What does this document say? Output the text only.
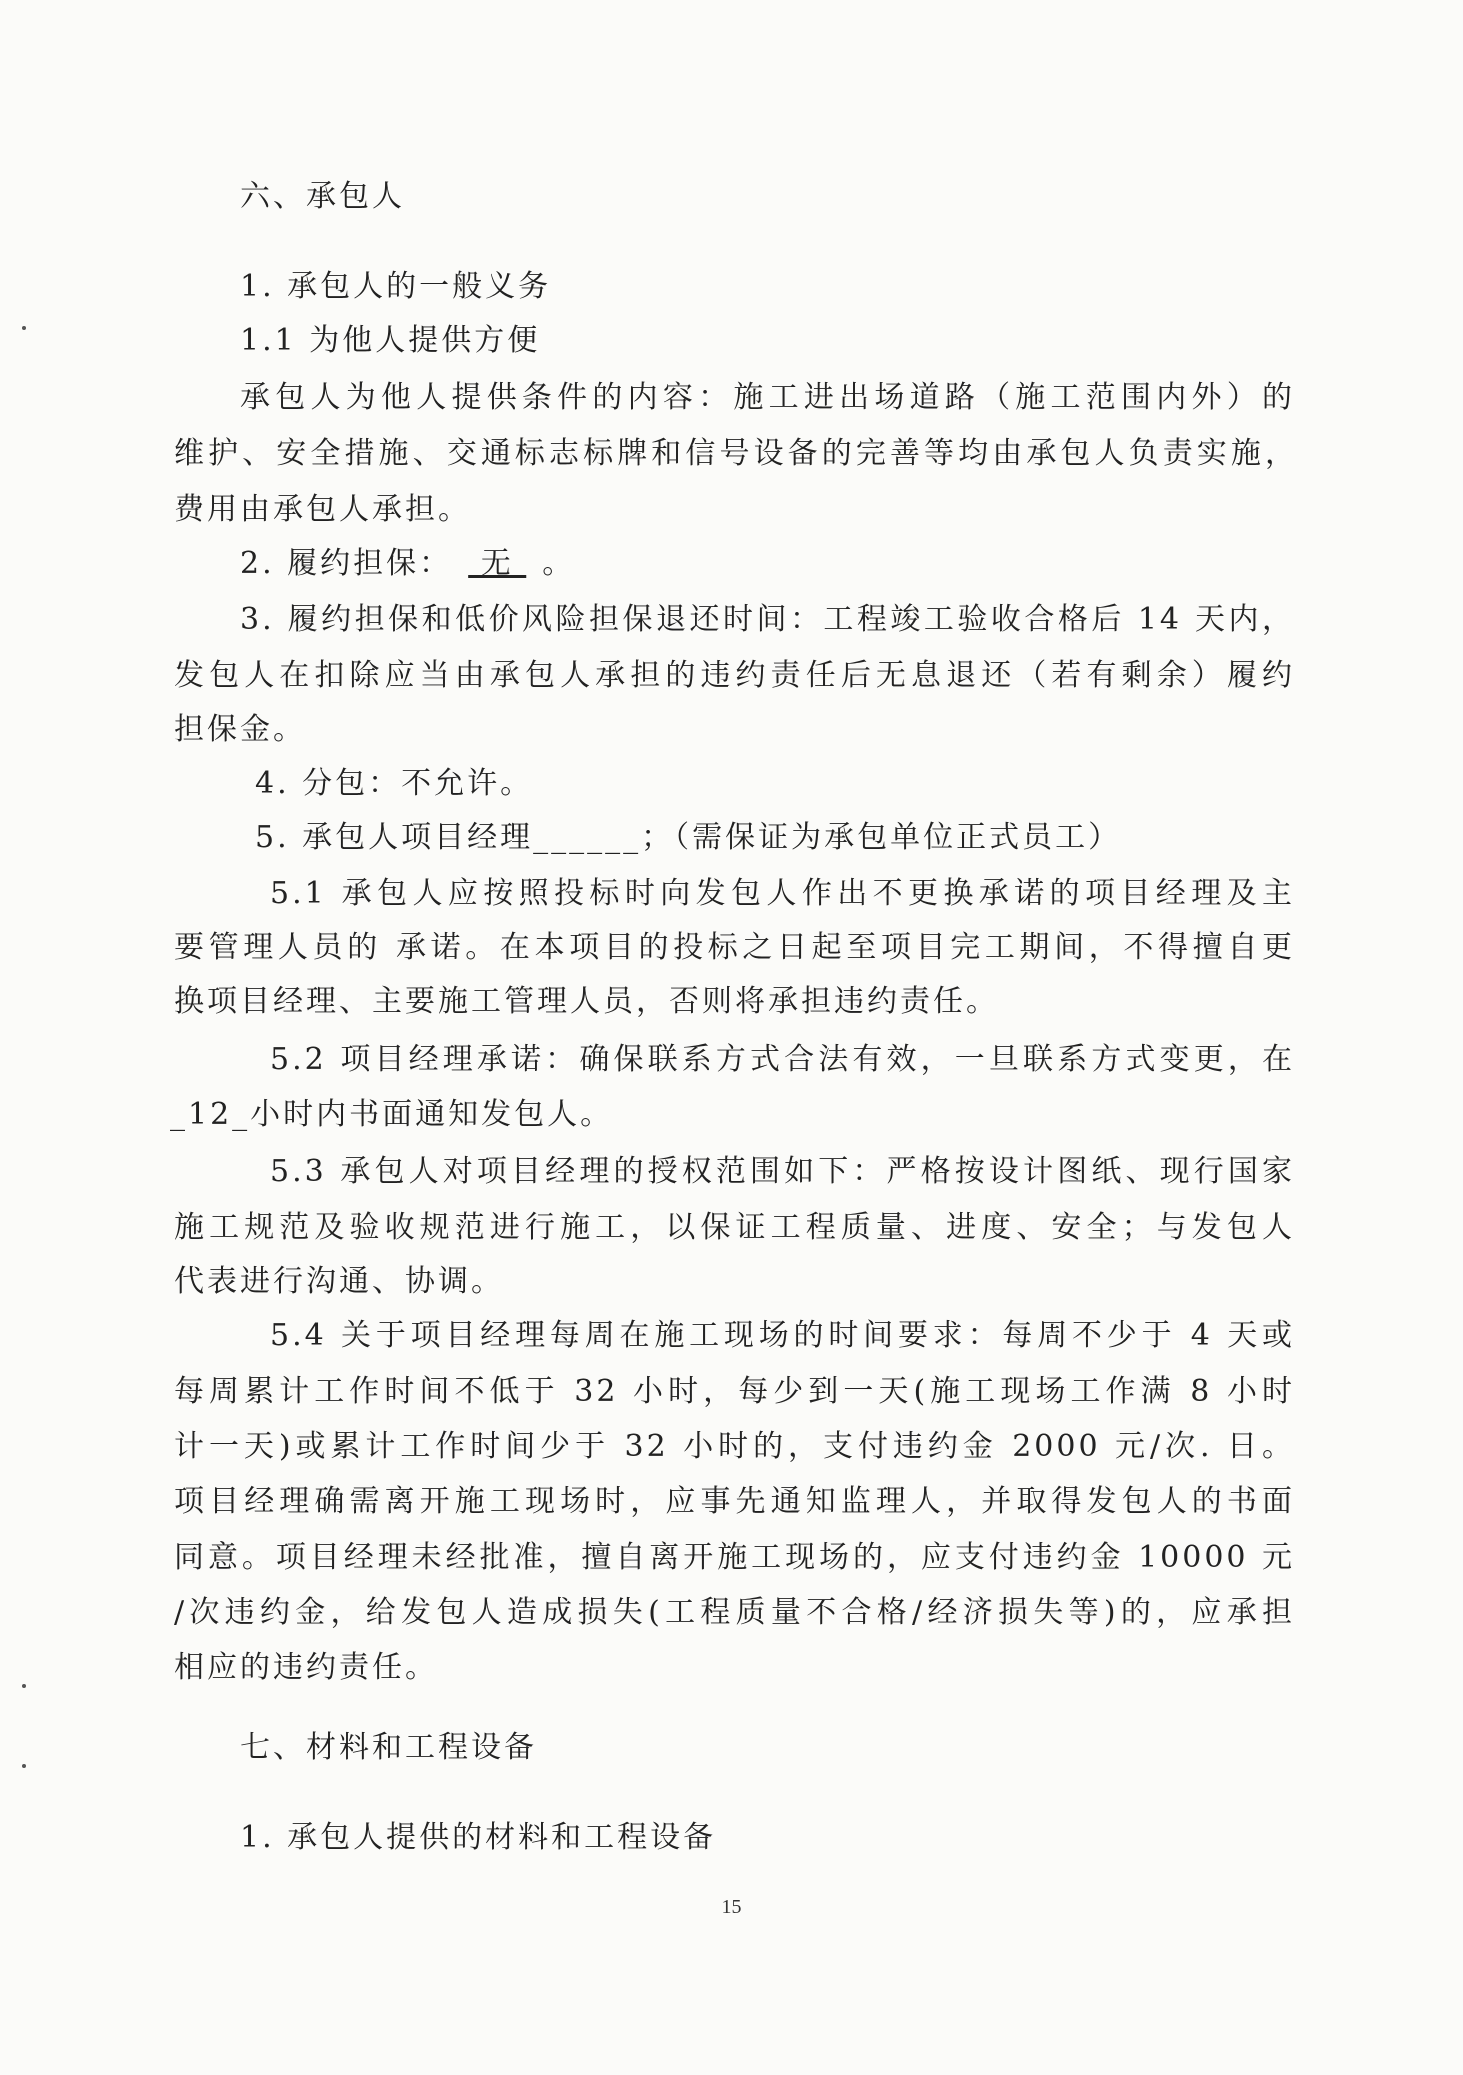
六、承包人
1. 承包人的一般义务
1.1 为他人提供方便
承包人为他人提供条件的内容：施工进出场道路（施工范围内外）的
维护、安全措施、交通标志标牌和信号设备的完善等均由承包人负责实施，
费用由承包人承担。
2. 履约担保： 无 。
3. 履约担保和低价风险担保退还时间：工程竣工验收合格后 14 天内，
发包人在扣除应当由承包人承担的违约责任后无息退还（若有剩余）履约
担保金。
4. 分包：不允许。
5. 承包人项目经理______；（需保证为承包单位正式员工）
5.1 承包人应按照投标时向发包人作出不更换承诺的项目经理及主
要管理人员的 承诺。在本项目的投标之日起至项目完工期间，不得擅自更
换项目经理、主要施工管理人员，否则将承担违约责任。
5.2 项目经理承诺：确保联系方式合法有效，一旦联系方式变更，在
_12_小时内书面通知发包人。
5.3 承包人对项目经理的授权范围如下：严格按设计图纸、现行国家
施工规范及验收规范进行施工，以保证工程质量、进度、安全；与发包人
代表进行沟通、协调。
5.4 关于项目经理每周在施工现场的时间要求：每周不少于 4 天或
每周累计工作时间不低于 32 小时，每少到一天(施工现场工作满 8 小时
计一天)或累计工作时间少于 32 小时的，支付违约金 2000 元/次. 日。
项目经理确需离开施工现场时，应事先通知监理人，并取得发包人的书面
同意。项目经理未经批准，擅自离开施工现场的，应支付违约金 10000 元
/次违约金，给发包人造成损失(工程质量不合格/经济损失等)的，应承担
相应的违约责任。
七、材料和工程设备
1. 承包人提供的材料和工程设备
15
